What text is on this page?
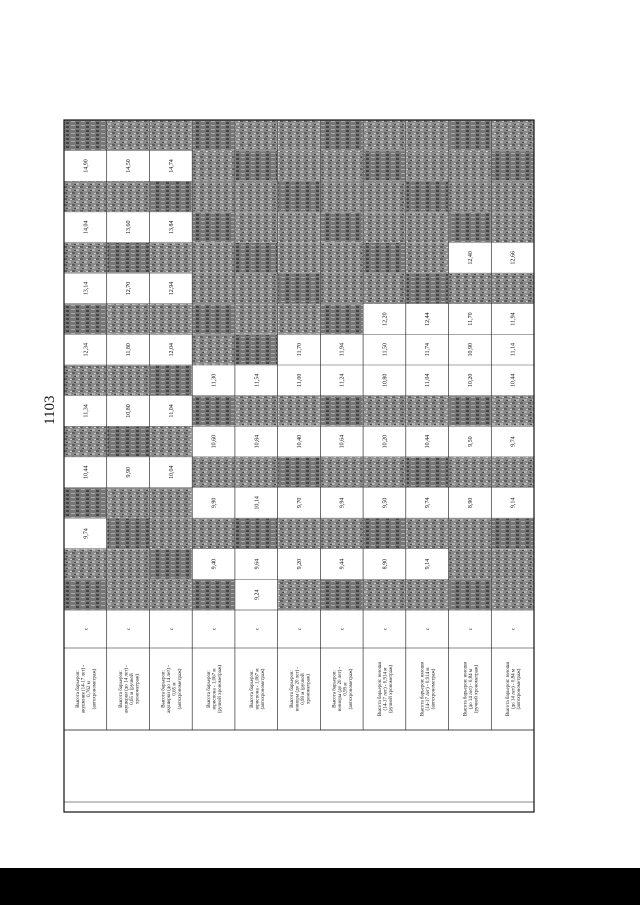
1103
Высота барьеров: акушения (14-17 лет) - 0,762 м (автохронометраж)
с
9,74
10,44
11,34
12,34
13,14
14,04
14,90
Высота барьеров: акушерки (до 14 лет) - 0,65 м (ручной хронометраж)
с
9,90
10,80
11,80
12,70
13,60
14,50
Высота барьеров: акушерки (до 14 лет) - 0,65 м (автохронометраж)
с
10,04
11,04
12,04
12,94
13,84
14,74
Высота барьеров: юриспона - 1,067 м (ручной хронометраж)
с
9,40
9,90
10,60
11,30
Высота барьеров: юриспона - 1,067 м (автохронометраж)
с
9,24
9,64
10,14
10,84
11,54
Высота барьеров: юниоры (до 20 лет) - 0,99 м (ручной хронометраж)
с
9,20
9,70
10,40
11,00
11,70
Высота барьеров: юниоры (до 20 лет) - 0,99 м (автохронометраж)
с
9,44
9,94
10,64
11,24
11,94
Высота барьеров: юноши (14-17 лет) - 0,914 м (ручной хронометраж)
с
8,90
9,50
10,20
10,80
11,50
12,20
Высота барьеров: юноши (14-17 лет) - 0,914 м (автохронометраж)
с
9,14
9,74
10,44
11,04
11,74
12,44
Высота барьеров: юноши (до 14 лет) - 0,84 м (ручной хронометраж)
с
8,90
9,50
10,20
10,90
11,70
12,40
Высота барьеров: юноши (до 14 лет) - 0,84 м (автохронометраж)
с
9,14
9,74
10,44
11,14
11,94
12,66
